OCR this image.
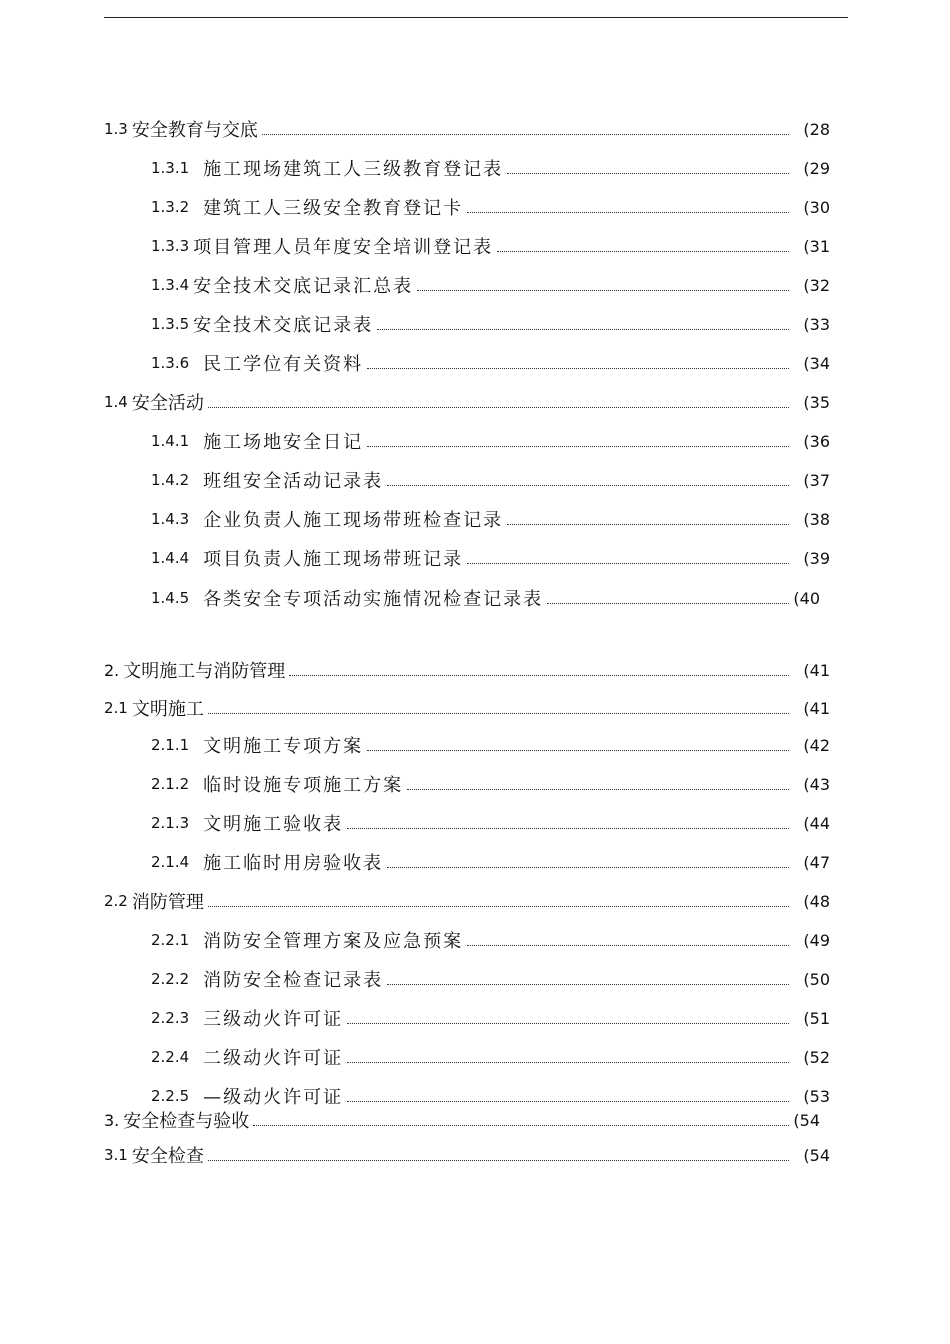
1.3 安全教育与交底	(28
1.3.1 施工现场建筑工人三级教育登记表	(29
1.3.2 建筑工人三级安全教育登记卡	(30
1.3.3 项目管理人员年度安全培训登记表	(31
1.3.4 安全技术交底记录汇总表	(32
1.3.5 安全技术交底记录表	(33
1.3.6 民工学位有关资料	(34
1.4 安全活动	(35
1.4.1 施工场地安全日记	(36
1.4.2 班组安全活动记录表	(37
1.4.3 企业负责人施工现场带班检查记录	(38
1.4.4 项目负责人施工现场带班记录	(39
1.4.5 各类安全专项活动实施情况检查记录表	(40
2. 文明施工与消防管理	(41
2.1 文明施工	(41
2.1.1 文明施工专项方案	(42
2.1.2 临时设施专项施工方案	(43
2.1.3 文明施工验收表	(44
2.1.4 施工临时用房验收表	(47
2.2 消防管理	(48
2.2.1 消防安全管理方案及应急预案	(49
2.2.2 消防安全检查记录表	(50
2.2.3 三级动火许可证	(51
2.2.4 二级动火许可证	(52
2.2.5 —级动火许可证	(53
3. 安全检查与验收	(54
3.1 安全检查	(54
